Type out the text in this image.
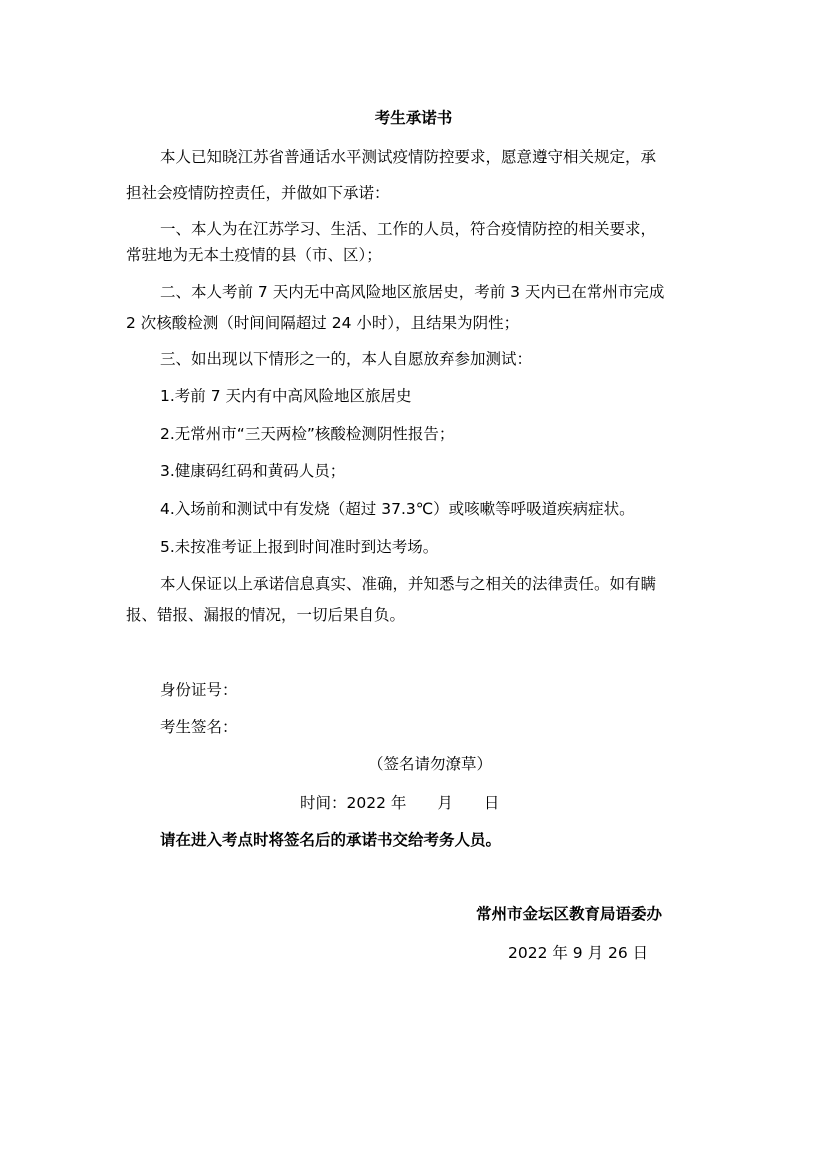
考生承诺书
本人已知晓江苏省普通话水平测试疫情防控要求，愿意遵守相关规定，承
担社会疫情防控责任，并做如下承诺：
一、本人为在江苏学习、生活、工作的人员，符合疫情防控的相关要求，
常驻地为无本土疫情的县（市、区）；
二、本人考前 7 天内无中高风险地区旅居史，考前 3 天内已在常州市完成
2 次核酸检测（时间间隔超过 24 小时），且结果为阴性；
三、如出现以下情形之一的，本人自愿放弃参加测试：
1.考前 7 天内有中高风险地区旅居史
2.无常州市“三天两检”核酸检测阴性报告；
3.健康码红码和黄码人员；
4.入场前和测试中有发烧（超过 37.3℃）或咳嗽等呼吸道疾病症状。
5.未按准考证上报到时间准时到达考场。
本人保证以上承诺信息真实、准确，并知悉与之相关的法律责任。如有瞒
报、错报、漏报的情况，一切后果自负。
身份证号：
考生签名：
（签名请勿潦草）
时间：2022 年　　月　　日
请在进入考点时将签名后的承诺书交给考务人员。
常州市金坛区教育局语委办
2022 年 9 月 26 日
